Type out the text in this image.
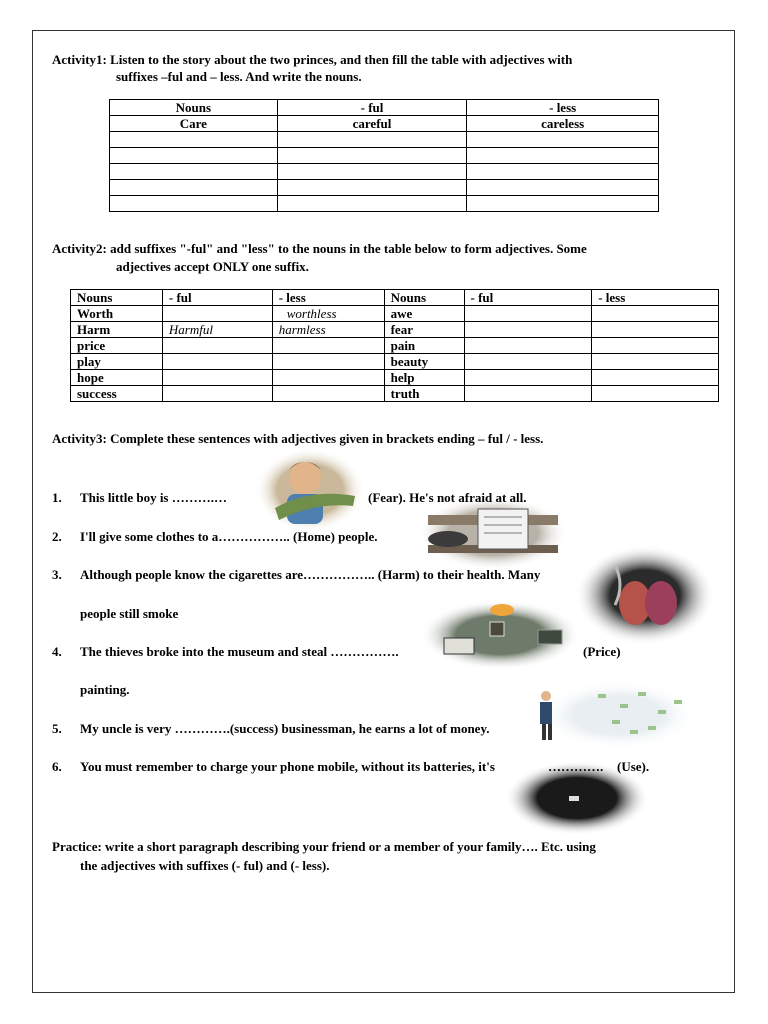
Activity1: Listen to the story about the two princes, and then fill the table with adjectives with
suffixes –ful and – less. And write the nouns.
Nouns	- ful	- less
Care	careful	careless

Activity2: add suffixes "-ful" and "less" to the nouns in the table below to form adjectives. Some
adjectives accept ONLY one suffix.
Nouns	- ful	- less	Nouns	- ful	- less
Worth		worthless	awe		
Harm	Harmful	harmless	fear		
price			pain		
play			beauty		
hope			help		
success			truth		
Activity3: Complete these sentences with adjectives given in brackets ending – ful / - less.
1. This little boy is ……….…	(Fear). He's not afraid at all.
2. I'll give some clothes to a…………….. (Home) people.
3. Although people know the cigarettes are…………….. (Harm) to their health. Many
people still smoke
4. The thieves broke into the museum and steal …………….	(Price)
painting.
5. My uncle is very ………….(success) businessman, he earns a lot of money.
6. You must remember to charge your phone mobile, without its batteries, it's	…………. (Use).
Practice: write a short paragraph describing your friend or a member of your family…. Etc. using
the adjectives with suffixes (- ful) and (- less).
